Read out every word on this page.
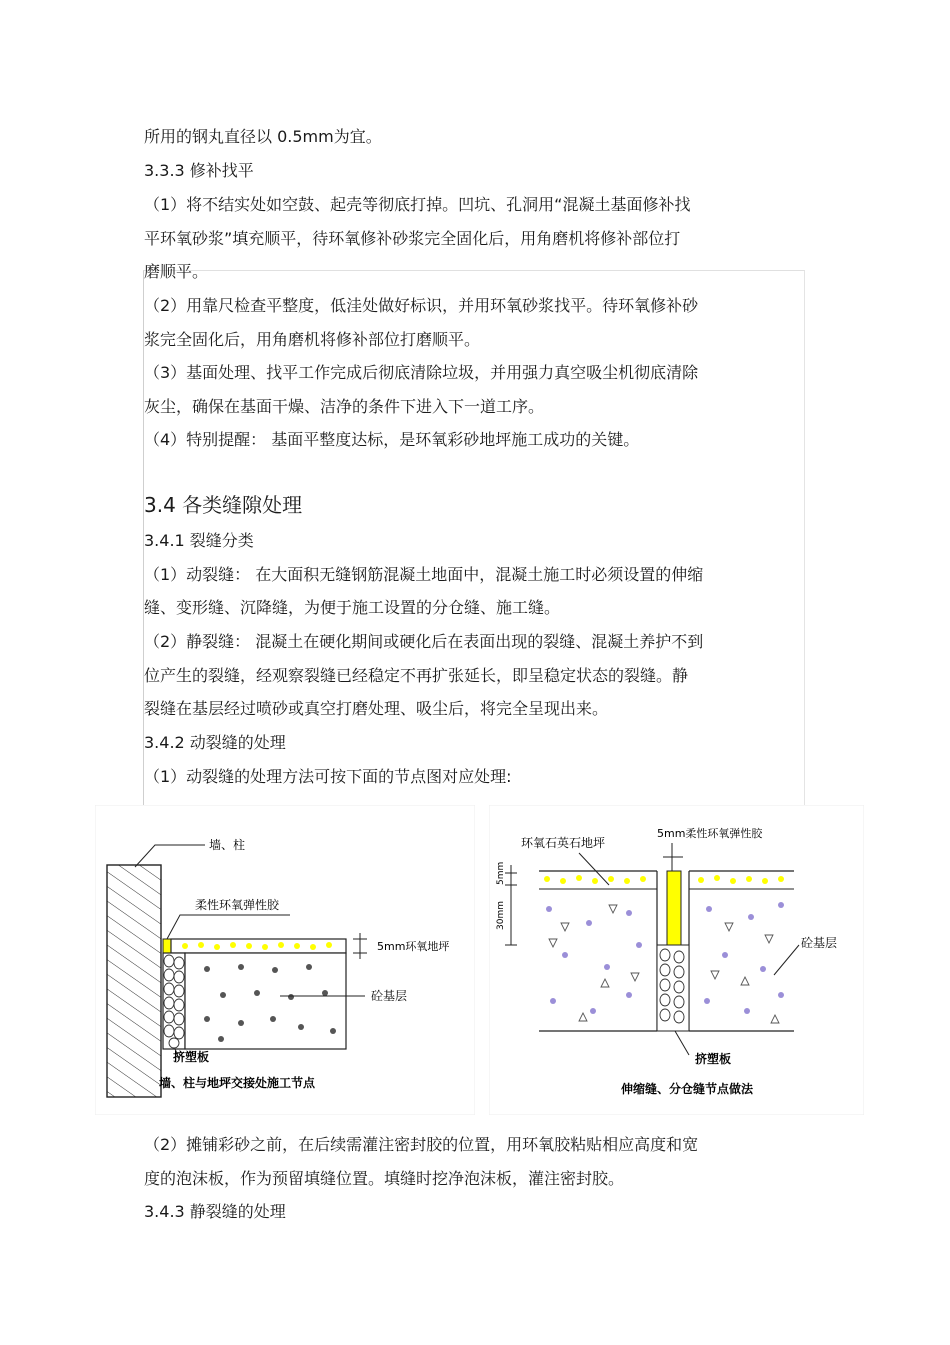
所用的钢丸直径以 0.5mm为宜。
3.3.3 修补找平
（1）将不结实处如空鼓、起壳等彻底打掉。凹坑、孔洞用“混凝土基面修补找
平环氧砂浆”填充顺平，待环氧修补砂浆完全固化后，用角磨机将修补部位打
磨顺平。
（2）用靠尺检查平整度，低洼处做好标识，并用环氧砂浆找平。待环氧修补砂
浆完全固化后，用角磨机将修补部位打磨顺平。
（3）基面处理、找平工作完成后彻底清除垃圾，并用强力真空吸尘机彻底清除
灰尘，确保在基面干燥、洁净的条件下进入下一道工序。
（4）特别提醒： 基面平整度达标，是环氧彩砂地坪施工成功的关键。
3.4 各类缝隙处理
3.4.1 裂缝分类
（1）动裂缝： 在大面积无缝钢筋混凝土地面中，混凝土施工时必须设置的伸缩
缝、变形缝、沉降缝，为便于施工设置的分仓缝、施工缝。
（2）静裂缝： 混凝土在硬化期间或硬化后在表面出现的裂缝、混凝土养护不到
位产生的裂缝，经观察裂缝已经稳定不再扩张延长，即呈稳定状态的裂缝。静
裂缝在基层经过喷砂或真空打磨处理、吸尘后，将完全呈现出来。
3.4.2 动裂缝的处理
（1）动裂缝的处理方法可按下面的节点图对应处理:
墙、柱
柔性环氧弹性胶
5mm环氧地坪
砼基层
挤塑板
墙、柱与地坪交接处施工节点
环氧石英石地坪
5mm柔性环氧弹性胶
5mm
30mm
砼基层
挤塑板
伸缩缝、分仓缝节点做法
（2）摊铺彩砂之前，在后续需灌注密封胶的位置，用环氧胶粘贴相应高度和宽
度的泡沫板，作为预留填缝位置。填缝时挖净泡沫板，灌注密封胶。
3.4.3 静裂缝的处理
